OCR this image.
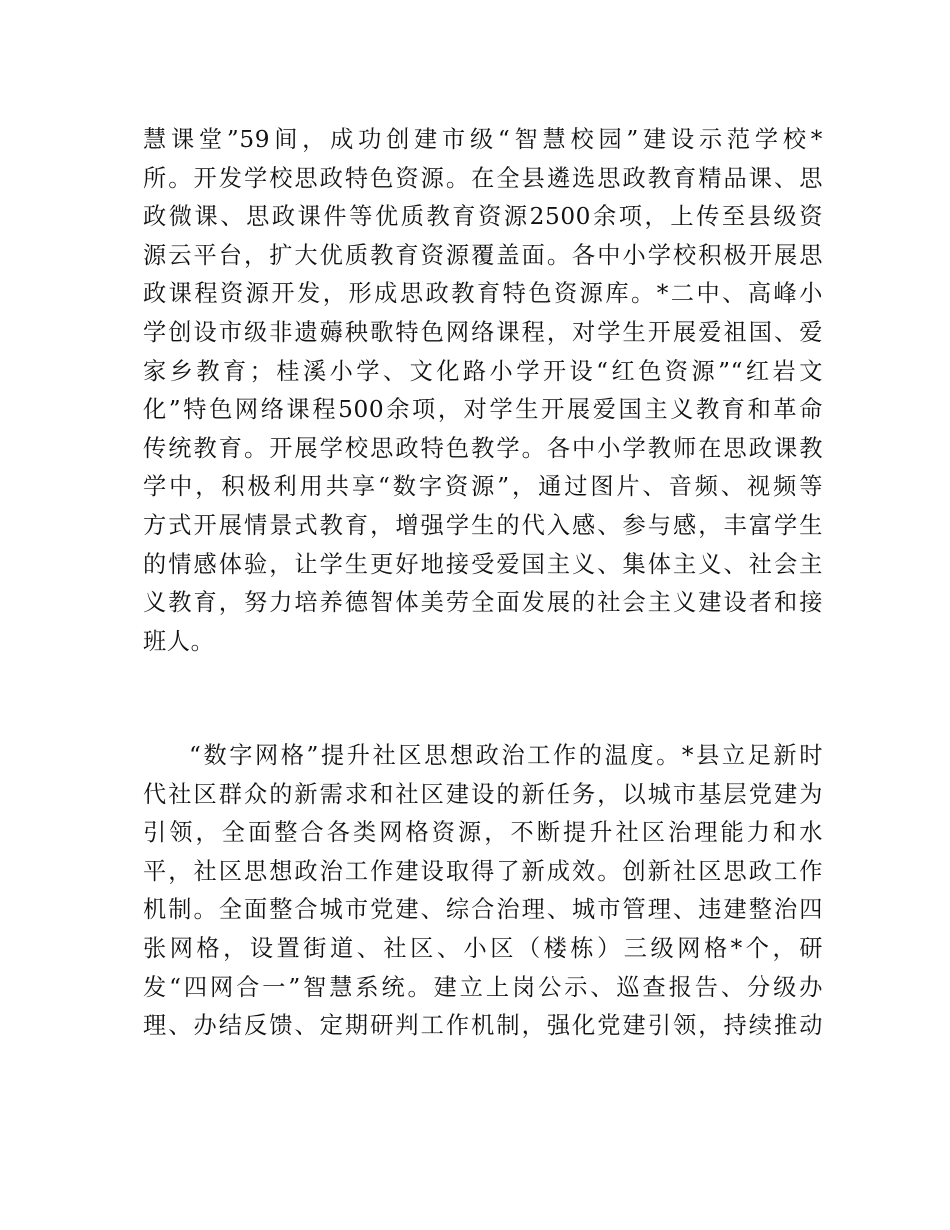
慧课堂”59间，成功创建市级“智慧校园”建设示范学校*
所。开发学校思政特色资源。在全县遴选思政教育精品课、思
政微课、思政课件等优质教育资源2500余项，上传至县级资
源云平台，扩大优质教育资源覆盖面。各中小学校积极开展思
政课程资源开发，形成思政教育特色资源库。*二中、高峰小
学创设市级非遗薅秧歌特色网络课程，对学生开展爱祖国、爱
家乡教育；桂溪小学、文化路小学开设“红色资源”“红岩文
化”特色网络课程500余项，对学生开展爱国主义教育和革命
传统教育。开展学校思政特色教学。各中小学教师在思政课教
学中，积极利用共享“数字资源”，通过图片、音频、视频等
方式开展情景式教育，增强学生的代入感、参与感，丰富学生
的情感体验，让学生更好地接受爱国主义、集体主义、社会主
义教育，努力培养德智体美劳全面发展的社会主义建设者和接
班人。
“数字网格”提升社区思想政治工作的温度。*县立足新时
代社区群众的新需求和社区建设的新任务，以城市基层党建为
引领，全面整合各类网格资源，不断提升社区治理能力和水
平，社区思想政治工作建设取得了新成效。创新社区思政工作
机制。全面整合城市党建、综合治理、城市管理、违建整治四
张网格，设置街道、社区、小区（楼栋）三级网格*个，研
发“四网合一”智慧系统。建立上岗公示、巡查报告、分级办
理、办结反馈、定期研判工作机制，强化党建引领，持续推动
